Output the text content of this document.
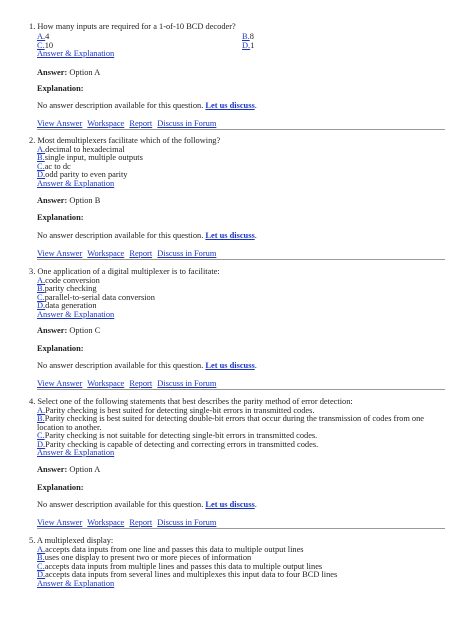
1. How many inputs are required for a 1-of-10 BCD decoder?
A.4	B.8
C.10	D.1
Answer & Explanation
Answer: Option A
Explanation:
No answer description available for this question. Let us discuss.
View Answer Workspace Report Discuss in Forum
2. Most demultiplexers facilitate which of the following?
A.decimal to hexadecimal
B.single input, multiple outputs
C.ac to dc
D.odd parity to even parity
Answer & Explanation
Answer: Option B
Explanation:
No answer description available for this question. Let us discuss.
View Answer Workspace Report Discuss in Forum
3. One application of a digital multiplexer is to facilitate:
A.code conversion
B.parity checking
C.parallel-to-serial data conversion
D.data generation
Answer & Explanation
Answer: Option C
Explanation:
No answer description available for this question. Let us discuss.
View Answer Workspace Report Discuss in Forum
4. Select one of the following statements that best describes the parity method of error detection:
A.Parity checking is best suited for detecting single-bit errors in transmitted codes.
B.Parity checking is best suited for detecting double-bit errors that occur during the transmission of codes from one location to another.
C.Parity checking is not suitable for detecting single-bit errors in transmitted codes.
D.Parity checking is capable of detecting and correcting errors in transmitted codes.
Answer & Explanation
Answer: Option A
Explanation:
No answer description available for this question. Let us discuss.
View Answer Workspace Report Discuss in Forum
5. A multiplexed display:
A.accepts data inputs from one line and passes this data to multiple output lines
B.uses one display to present two or more pieces of information
C.accepts data inputs from multiple lines and passes this data to multiple output lines
D.accepts data inputs from several lines and multiplexes this input data to four BCD lines
Answer & Explanation
